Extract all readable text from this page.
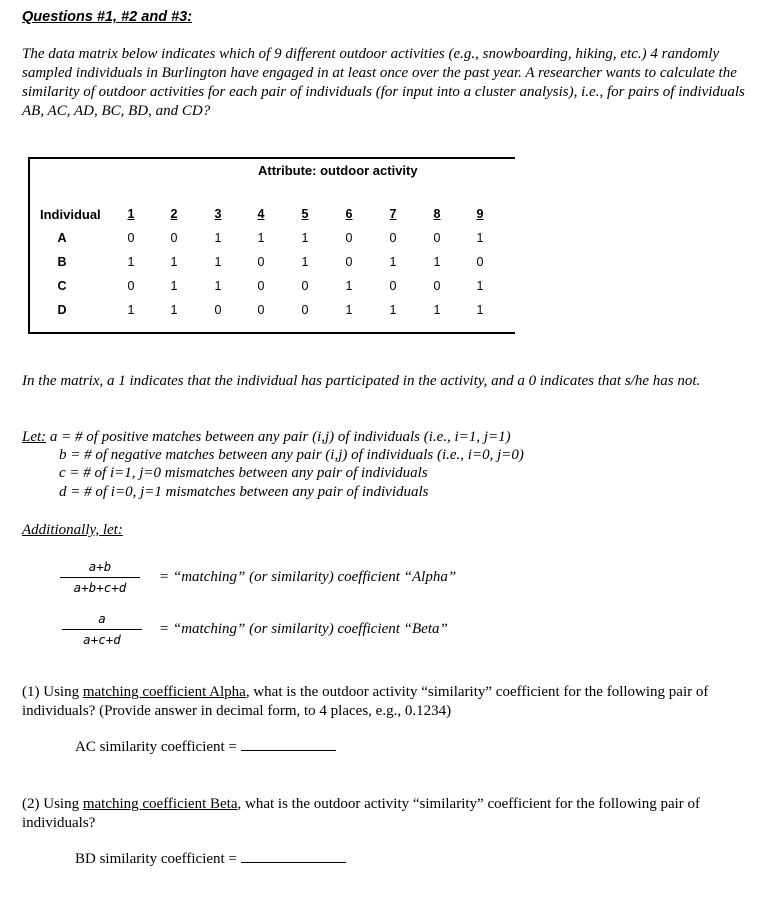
Questions #1, #2 and #3:
The data matrix below indicates which of 9 different outdoor activities (e.g., snowboarding, hiking, etc.) 4 randomly sampled individuals in Burlington have engaged in at least once over the past year. A researcher wants to calculate the similarity of outdoor activities for each pair of individuals (for input into a cluster analysis), i.e., for pairs of individuals AB, AC, AD, BC, BD, and CD?
Attribute: outdoor activity
Individual	1	2	3	4	5	6	7	8	9
A	0	0	1	1	1	0	0	0	1
B	1	1	1	0	1	0	1	1	0
C	0	1	1	0	0	1	0	0	1
D	1	1	0	0	0	1	1	1	1
In the matrix, a 1 indicates that the individual has participated in the activity, and a 0 indicates that s/he has not.
Let: a = # of positive matches between any pair (i,j) of individuals (i.e., i=1, j=1)
b = # of negative matches between any pair (i,j) of individuals (i.e., i=0, j=0)
c = # of i=1, j=0 mismatches between any pair of individuals
d = # of i=0, j=1 mismatches between any pair of individuals
Additionally, let:
a+b
a+b+c+d
= “matching” (or similarity) coefficient “Alpha”
a
a+c+d
= “matching” (or similarity) coefficient “Beta”
(1) Using matching coefficient Alpha, what is the outdoor activity “similarity” coefficient for the following pair of individuals? (Provide answer in decimal form, to 4 places, e.g., 0.1234)
AC similarity coefficient =
(2) Using matching coefficient Beta, what is the outdoor activity “similarity” coefficient for the following pair of individuals?
BD similarity coefficient =
